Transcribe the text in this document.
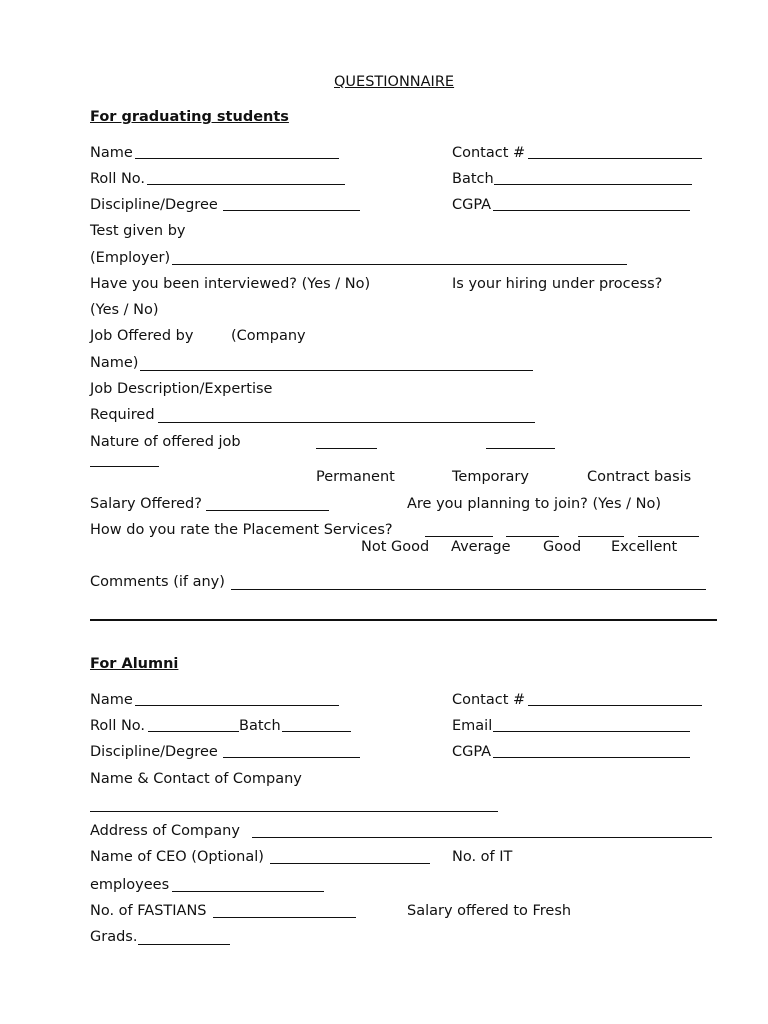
QUESTIONNAIRE
For graduating students
Name	Contact #
Roll No.	Batch
Discipline/Degree	CGPA
Test given by
(Employer)
Have you been interviewed? (Yes / No)	Is your hiring under process?
(Yes / No)
Job Offered by	(Company
Name)
Job Description/Expertise
Required
Nature of offered job
Permanent	Temporary	Contract basis
Salary Offered?	Are you planning to join? (Yes / No)
How do you rate the Placement Services?
Not Good Average Good Excellent
Comments (if any)
For Alumni
Name	Contact #
Roll No.	Batch	Email
Discipline/Degree	CGPA
Name & Contact of Company
Address of Company
Name of CEO (Optional)	No. of IT
employees
No. of FASTIANS	Salary offered to Fresh
Grads.
